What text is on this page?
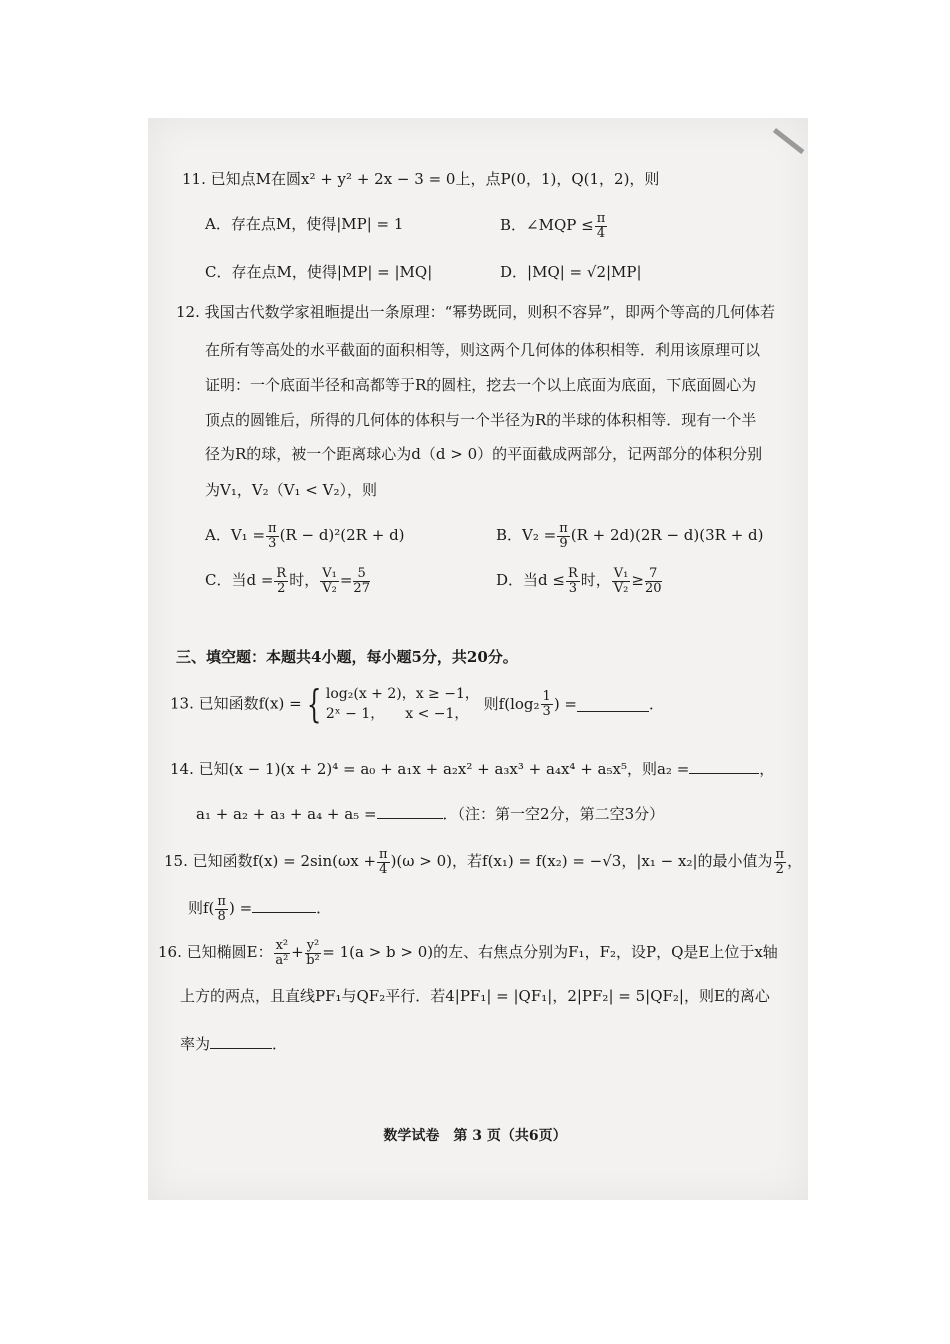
11. 已知点M在圆x² + y² + 2x − 3 = 0上，点P(0，1)，Q(1，2)，则
A．存在点M，使得|MP| = 1	B．∠MQP ≤ $\frac{\pi}{4}$
C．存在点M，使得|MP| = |MQ|	D．|MQ| = √2|MP|
12. 我国古代数学家祖暅提出一条原理：“幂势既同，则积不容异”，即两个等高的几何体若
在所有等高处的水平截面的面积相等，则这两个几何体的体积相等．利用该原理可以
证明：一个底面半径和高都等于R的圆柱，挖去一个以上底面为底面，下底面圆心为
顶点的圆锥后，所得的几何体的体积与一个半径为R的半球的体积相等．现有一个半
径为R的球，被一个距离球心为d（d > 0）的平面截成两部分，记两部分的体积分别
为V₁，V₂（V₁ < V₂），则
A．$V_1 = \frac{\pi}{3} (R - d)^2(2R + d)$	B．$V_2 = \frac{\pi}{9} (R + 2d)(2R - d)(3R + d)$
C．当$d = \frac{R}{2}$ 时， $\frac{\text{V₁}}{\text{V₂}} = \frac{5}{27}$	D．当$d \le \frac{R}{3}$ 时， $\frac{\text{V₁}}{\text{V₂}} \ge \frac{7}{20}$
三、填空题：本题共4小题，每小题5分，共20分。
13. 已知函数f(x) = { log₂(x + 2)，x ≥ −1，
2ˣ − 1，　　x < −1，
则$f(\log_2 \frac{1}{3}$ ) =	．
14. 已知(x − 1)(x + 2)⁴ = a₀ + a₁x + a₂x² + a₃x³ + a₄x⁴ + a₅x⁵，则a₂ =	，
a₁ + a₂ + a₃ + a₄ + a₅ =	．（注：第一空2分，第二空3分）
15. 已知函数$f(x) = 2\sin(\omega x + \frac{\pi}{4} )(\omega > 0)$，若f(x₁) = f(x₂) = −√3，|x₁ − x₂|的最小值为 $\frac{\pi}{2}$ ，
则$f( \frac{\pi}{8}$ ) =	．
16. 已知椭圆E： $\frac{\text{x²}}{\text{a²}} + \frac{\text{y²}}{\text{b²}} = 1(a > b > 0)$的左、右焦点分别为F₁，F₂，设P，Q是E上位于x轴
上方的两点，且直线PF₁与QF₂平行．若4|PF₁| = |QF₁|，2|PF₂| = 5|QF₂|，则E的离心
率为	．
数学试卷　第 3 页（共6页）
